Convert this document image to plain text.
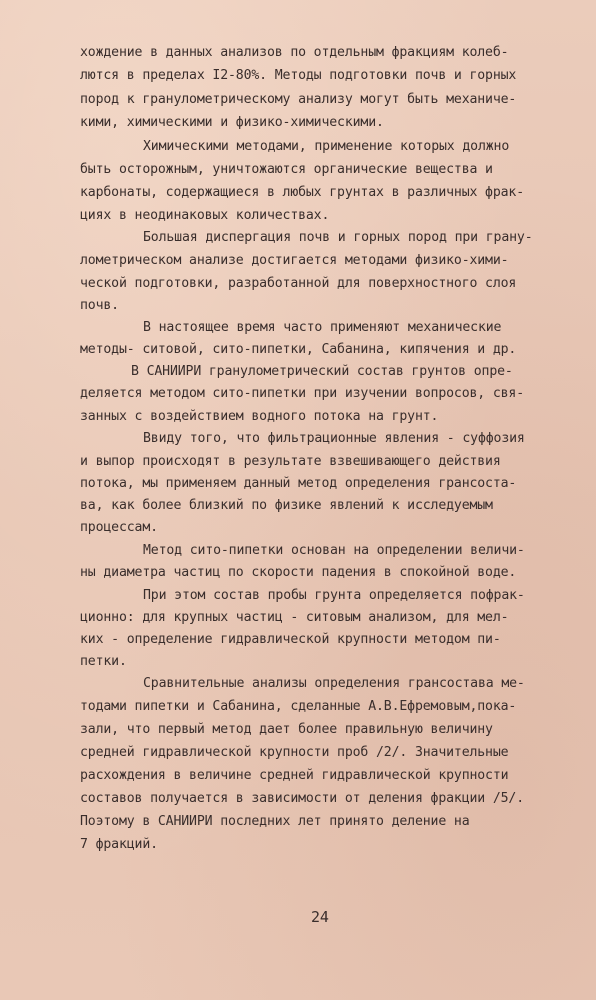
хождение в данных анализов по отдельным фракциям колеб-
лются в пределах I2-80%. Методы подготовки почв и горных
пород к гранулометрическому анализу могут быть механиче-
кими, химическими и физико-химическими.
Химическими методами, применение которых должно
быть осторожным, уничтожаются органические вещества и
карбонаты, содержащиеся в любых грунтах в различных фрак-
циях в неодинаковых количествах.
Большая диспергация почв и горных пород при грану-
лометрическом анализе достигается методами физико-хими-
ческой подготовки, разработанной для поверхностного слоя
почв.
В настоящее время часто применяют механические
методы- ситовой, сито-пипетки, Сабанина, кипячения и др.
В САНИИРИ гранулометрический состав грунтов опре-
деляется методом сито-пипетки при изучении вопросов, свя-
занных с воздействием водного потока на грунт.
Ввиду того, что фильтрационные явления - суффозия
и выпор происходят в результате взвешивающего действия
потока, мы применяем данный метод определения грансоста-
ва, как более близкий по физике явлений к исследуемым
процессам.
Метод сито-пипетки основан на определении величи-
ны диаметра частиц по скорости падения в спокойной воде.
При этом состав пробы грунта определяется пофрак-
ционно: для крупных частиц - ситовым анализом, для мел-
ких - определение гидравлической крупности методом пи-
петки.
Сравнительные анализы определения грансостава ме-
тодами пипетки и Сабанина, сделанные А.В.Ефремовым,пока-
зали, что первый метод дает более правильную величину
средней гидравлической крупности проб /2/. Значительные
расхождения в величине средней гидравлической крупности
составов получается в зависимости от деления фракции /5/.
Поэтому в САНИИРИ последних лет принято деление на
7 фракций.
24
